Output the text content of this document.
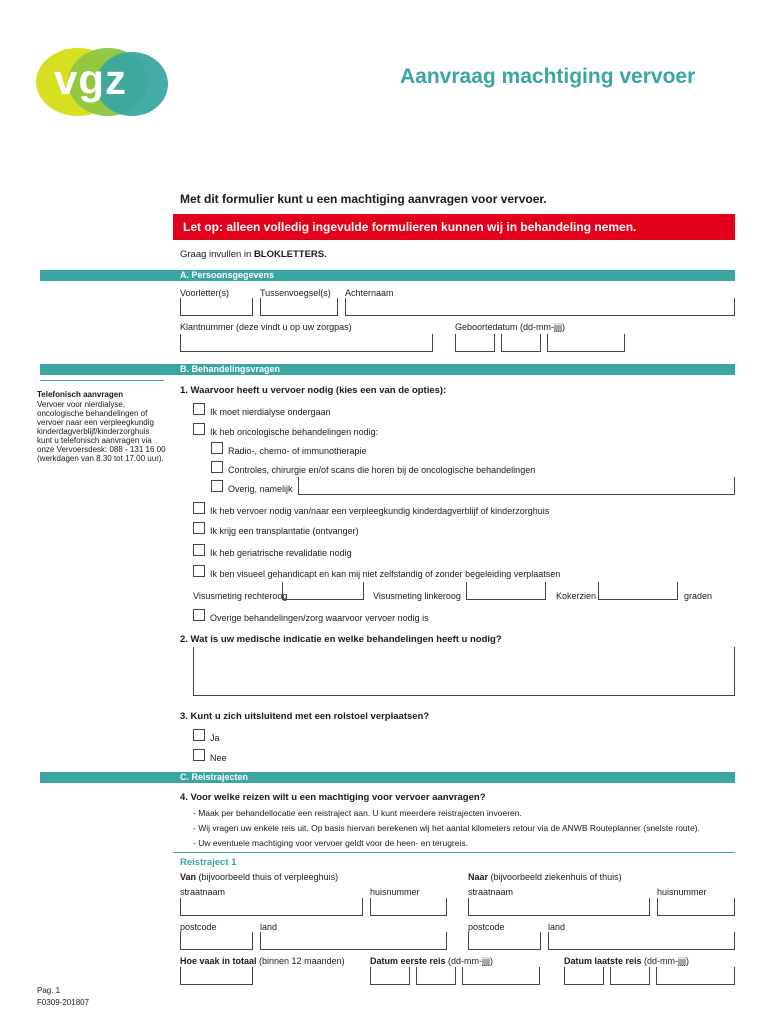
vgz	Aanvraag machtiging vervoer
Met dit formulier kunt u een machtiging aanvragen voor vervoer.
Let op: alleen volledig ingevulde formulieren kunnen wij in behandeling nemen.
Graag invullen in BLOKLETTERS.
A. Persoonsgegevens
Voorletter(s)	Tussenvoegsel(s) Achternaam
Klantnummer (deze vindt u op uw zorgpas)	Geboortedatum (dd-mm-jjjj)
B. Behandelingsvragen
Telefonisch aanvragen
Vervoer voor nierdialyse,
oncologische behandelingen of
vervoer naar een verpleegkundig
kinderdagverblijf/kinderzorghuis
kunt u telefonisch aanvragen via
onze Vervoersdesk: 088 - 131 16 00
(werkdagen van 8.30 tot 17.00 uur).
1. Waarvoor heeft u vervoer nodig (kies een van de opties):
Ik moet nierdialyse ondergaan
Ik heb oncologische behandelingen nodig:
Radio-, chemo- of immunotherapie
Controles, chirurgie en/of scans die horen bij de oncologische behandelingen
Overig, namelijk
Ik heb vervoer nodig van/naar een verpleegkundig kinderdagverblijf of kinderzorghuis
Ik krijg een transplantatie (ontvanger)
Ik heb geriatrische revalidatie nodig
Ik ben visueel gehandicapt en kan mij niet zelfstandig of zonder begeleiding verplaatsen
Visusmeting rechteroog	Visusmeting linkeroog	Kokerzien	graden
Overige behandelingen/zorg waarvoor vervoer nodig is
2. Wat is uw medische indicatie en welke behandelingen heeft u nodig?
3. Kunt u zich uitsluitend met een rolstoel verplaatsen?
Ja
Nee
C. Reistrajecten
4. Voor welke reizen wilt u een machtiging voor vervoer aanvragen?
- Maak per behandellocatie een reistraject aan. U kunt meerdere reistrajecten invoeren.
- Wij vragen uw enkele reis uit. Op basis hiervan berekenen wij het aantal kilometers retour via de ANWB Routeplanner (snelste route).
- Uw eventuele machtiging voor vervoer geldt voor de heen- en terugreis.
Reistraject 1
Van (bijvoorbeeld thuis of verpleeghuis)	Naar (bijvoorbeeld ziekenhuis of thuis)
straatnaam	huisnummer	straatnaam	huisnummer
postcode	land	postcode	land
Hoe vaak in totaal (binnen 12 maanden)	Datum eerste reis (dd-mm-jjjj)	Datum laatste reis (dd-mm-jjjj)
Pag. 1
F0309-201807
